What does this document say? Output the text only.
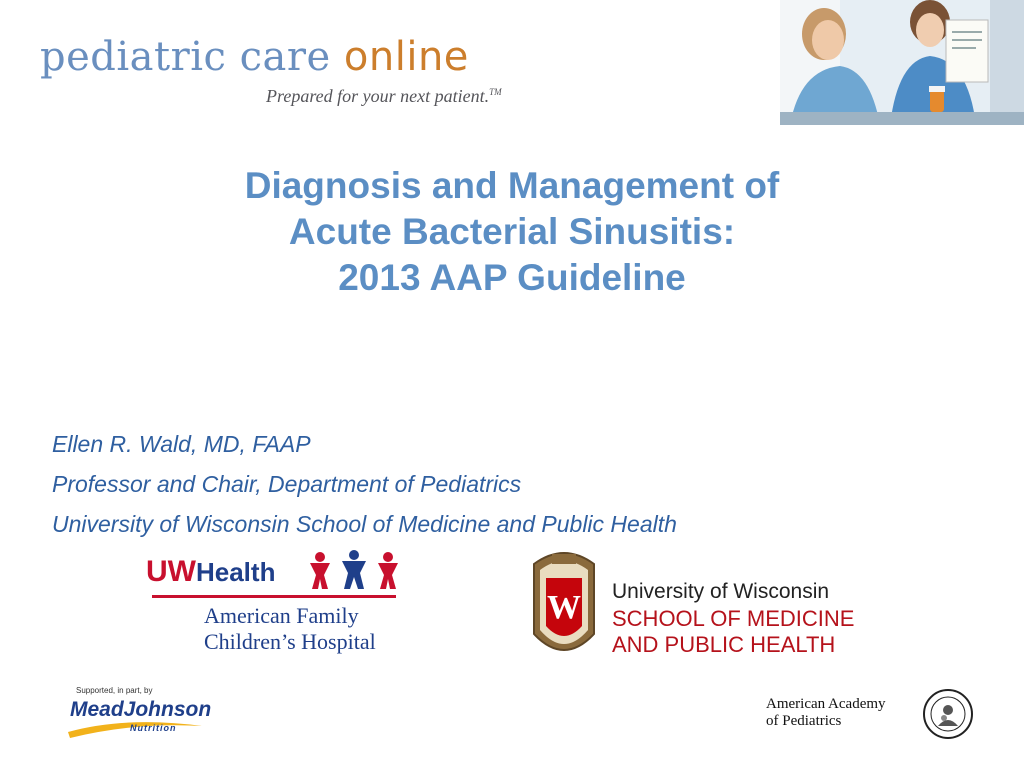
pediatric care online
Prepared for your next patient.™
Diagnosis and Management of
Acute Bacterial Sinusitis:
2013 AAP Guideline
Ellen R. Wald, MD, FAAP
Professor and Chair, Department of Pediatrics
University of Wisconsin School of Medicine and Public Health
UWHealth
American Family
Children’s Hospital
W University of Wisconsin
SCHOOL OF MEDICINE
AND PUBLIC HEALTH
Supported, in part, by
MeadJohnson
Nutrition
American Academy
of Pediatrics
